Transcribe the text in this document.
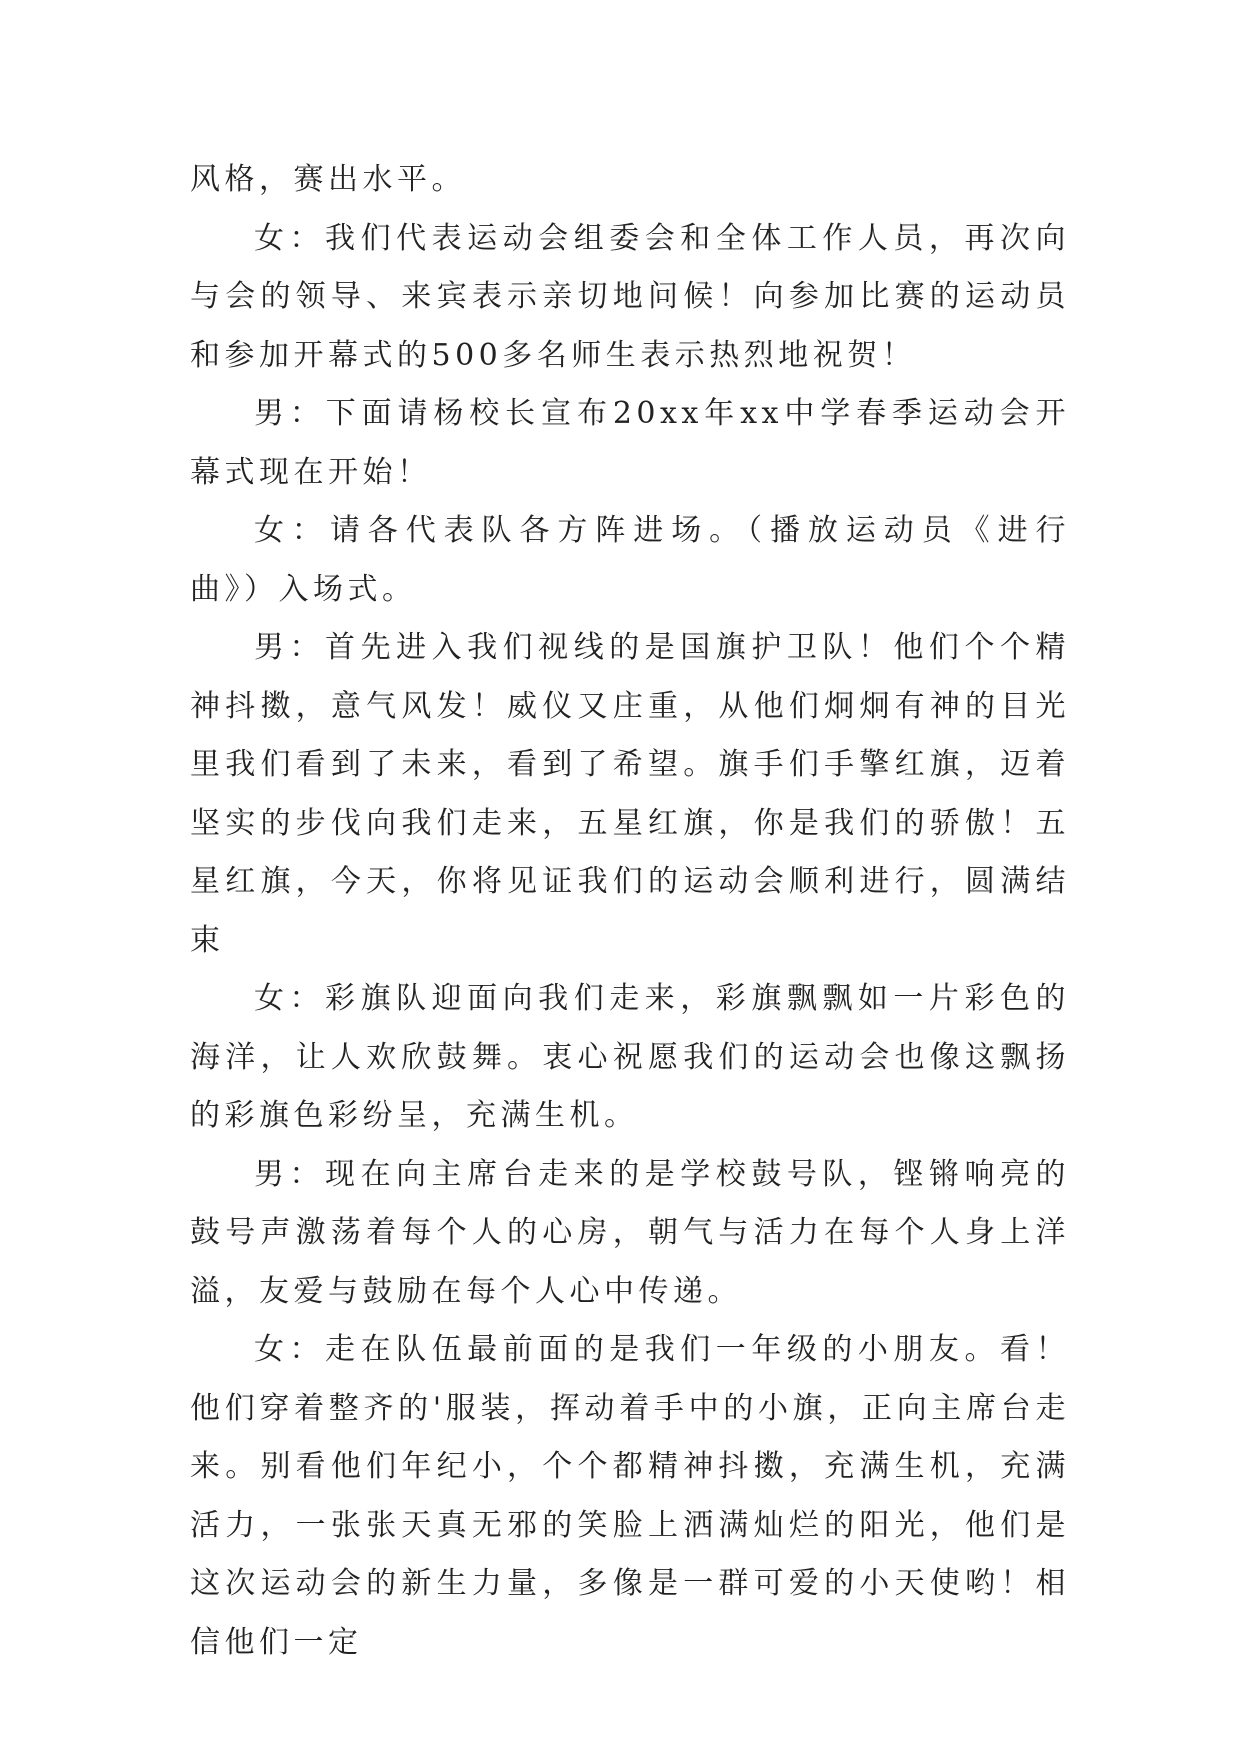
风格，赛出水平。

女：我们代表运动会组委会和全体工作人员，再次向与会的领导、来宾表示亲切地问候！向参加比赛的运动员和参加开幕式的500多名师生表示热烈地祝贺！

男：下面请杨校长宣布20xx年xx中学春季运动会开幕式现在开始！

女：请各代表队各方阵进场。（播放运动员《进行曲》）入场式。

男：首先进入我们视线的是国旗护卫队！他们个个精神抖擞，意气风发！威仪又庄重，从他们炯炯有神的目光里我们看到了未来，看到了希望。旗手们手擎红旗，迈着坚实的步伐向我们走来，五星红旗，你是我们的骄傲！五星红旗，今天，你将见证我们的运动会顺利进行，圆满结束

女：彩旗队迎面向我们走来，彩旗飘飘如一片彩色的海洋，让人欢欣鼓舞。衷心祝愿我们的运动会也像这飘扬的彩旗色彩纷呈，充满生机。

男：现在向主席台走来的是学校鼓号队，铿锵响亮的鼓号声激荡着每个人的心房，朝气与活力在每个人身上洋溢，友爱与鼓励在每个人心中传递。

女：走在队伍最前面的是我们一年级的小朋友。看！他们穿着整齐的'服装，挥动着手中的小旗，正向主席台走来。别看他们年纪小，个个都精神抖擞，充满生机，充满活力，一张张天真无邪的笑脸上洒满灿烂的阳光，他们是这次运动会的新生力量，多像是一群可爱的小天使哟！相信他们一定
